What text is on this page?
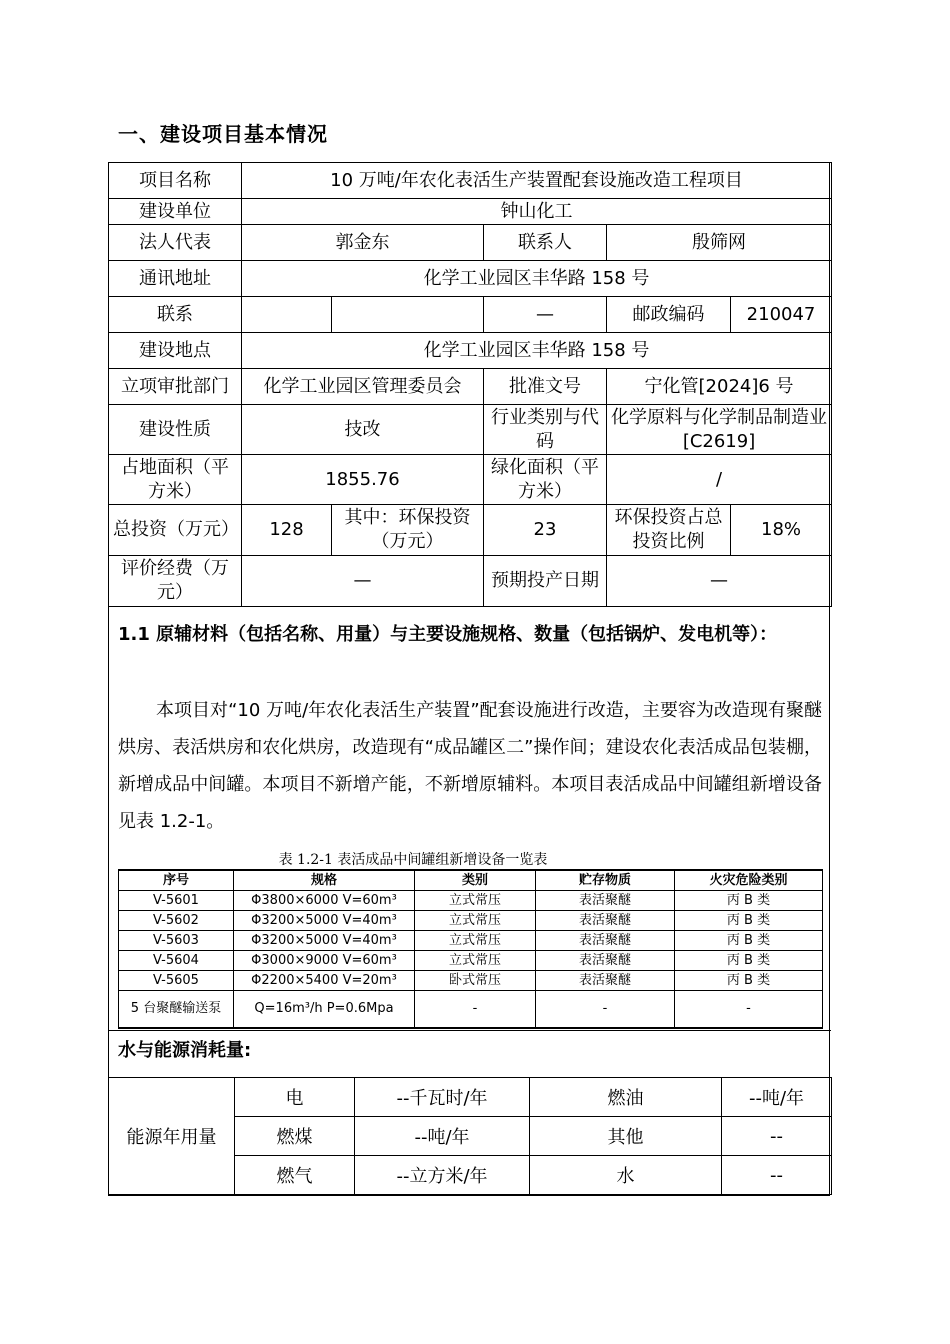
一、建设项目基本情况
项目名称	10 万吨/年农化表活生产装置配套设施改造工程项目				
建设单位	钟山化工				
法人代表	郭金东		联系人	殷筛网	
通讯地址	化学工业园区丰华路 158 号				
联系			—	邮政编码	210047
建设地点	化学工业园区丰华路 158 号				
立项审批部门	化学工业园区管理委员会		批准文号	宁化管[2024]6 号	
建设性质	技改		行业类别与代码	化学原料与化学制品制造业[C2619]	
占地面积（平方米）	1855.76		绿化面积（平方米）	/	
总投资（万元）	128	其中：环保投资（万元）	23	环保投资占总投资比例	18%
评价经费（万元）	—		预期投产日期	—	
1.1 原辅材料（包括名称、用量）与主要设施规格、数量（包括锅炉、发电机等）：
本项目对“10 万吨/年农化表活生产装置”配套设施进行改造，主要容为改造现有聚醚烘房、表活烘房和农化烘房，改造现有“成品罐区二”操作间；建设农化表活成品包装棚，新增成品中间罐。本项目不新增产能，不新增原辅料。本项目表活成品中间罐组新增设备见表 1.2-1。
表 1.2-1 表活成品中间罐组新增设备一览表
序号	规格	类别	贮存物质	火灾危险类别
V-5601	Φ3800×6000 V=60m³	立式常压	表活聚醚	丙 B 类
V-5602	Φ3200×5000 V=40m³	立式常压	表活聚醚	丙 B 类
V-5603	Φ3200×5000 V=40m³	立式常压	表活聚醚	丙 B 类
V-5604	Φ3000×9000 V=60m³	立式常压	表活聚醚	丙 B 类
V-5605	Φ2200×5400 V=20m³	卧式常压	表活聚醚	丙 B 类
5 台聚醚输送泵	Q=16m³/h P=0.6Mpa	-	-	-
水与能源消耗量:
能源年用量	电	--千瓦时/年	燃油	--吨/年
	燃煤	--吨/年	其他	--
	燃气	--立方米/年	水	--
